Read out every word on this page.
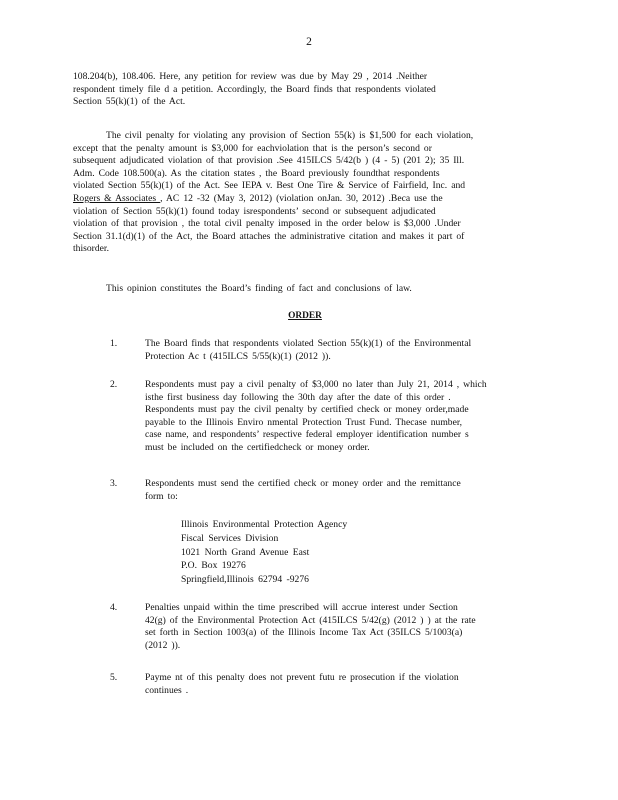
2
108.204(b), 108.406. Here, any petition for review was due by May 29 , 2014 .Neither
respondent timely file d a petition. Accordingly, the Board finds that respondents violated
Section 55(k)(1) of the Act.
The civil penalty for violating any provision of Section 55(k) is $1,500 for each violation,
except that the penalty amount is $3,000 for eachviolation that is the person’s second or
subsequent adjudicated violation of that provision .See 415ILCS 5/42(b ) (4 - 5) (201 2); 35 Ill.
Adm. Code 108.500(a). As the citation states , the Board previously foundthat respondents
violated Section 55(k)(1) of the Act. See IEPA v. Best One Tire & Service of Fairfield, Inc. and
Rogers & Associates , AC 12 -32 (May 3, 2012) (violation onJan. 30, 2012) .Beca use the
violation of Section 55(k)(1) found today isrespondents’ second or subsequent adjudicated
violation of that provision , the total civil penalty imposed in the order below is $3,000 .Under
Section 31.1(d)(1) of the Act, the Board attaches the administrative citation and makes it part of
thisorder.
This opinion constitutes the Board’s finding of fact and conclusions of law.
ORDER
1.	The Board finds that respondents violated Section 55(k)(1) of the Environmental
Protection Ac t (415ILCS 5/55(k)(1) (2012 )).
2.	Respondents must pay a civil penalty of $3,000 no later than July 21, 2014 , which
isthe first business day following the 30th day after the date of this order .
Respondents must pay the civil penalty by certified check or money order,made
payable to the Illinois Enviro nmental Protection Trust Fund. Thecase number,
case name, and respondents’ respective federal employer identification number s
must be included on the certifiedcheck or money order.
3.	Respondents must send the certified check or money order and the remittance
form to:
Illinois Environmental Protection Agency
Fiscal Services Division
1021 North Grand Avenue East
P.O. Box 19276
Springfield,Illinois 62794 -9276
4.	Penalties unpaid within the time prescribed will accrue interest under Section
42(g) of the Environmental Protection Act (415ILCS 5/42(g) (2012 ) ) at the rate
set forth in Section 1003(a) of the Illinois Income Tax Act (35ILCS 5/1003(a)
(2012 )).
5.	Payme nt of this penalty does not prevent futu re prosecution if the violation
continues .
